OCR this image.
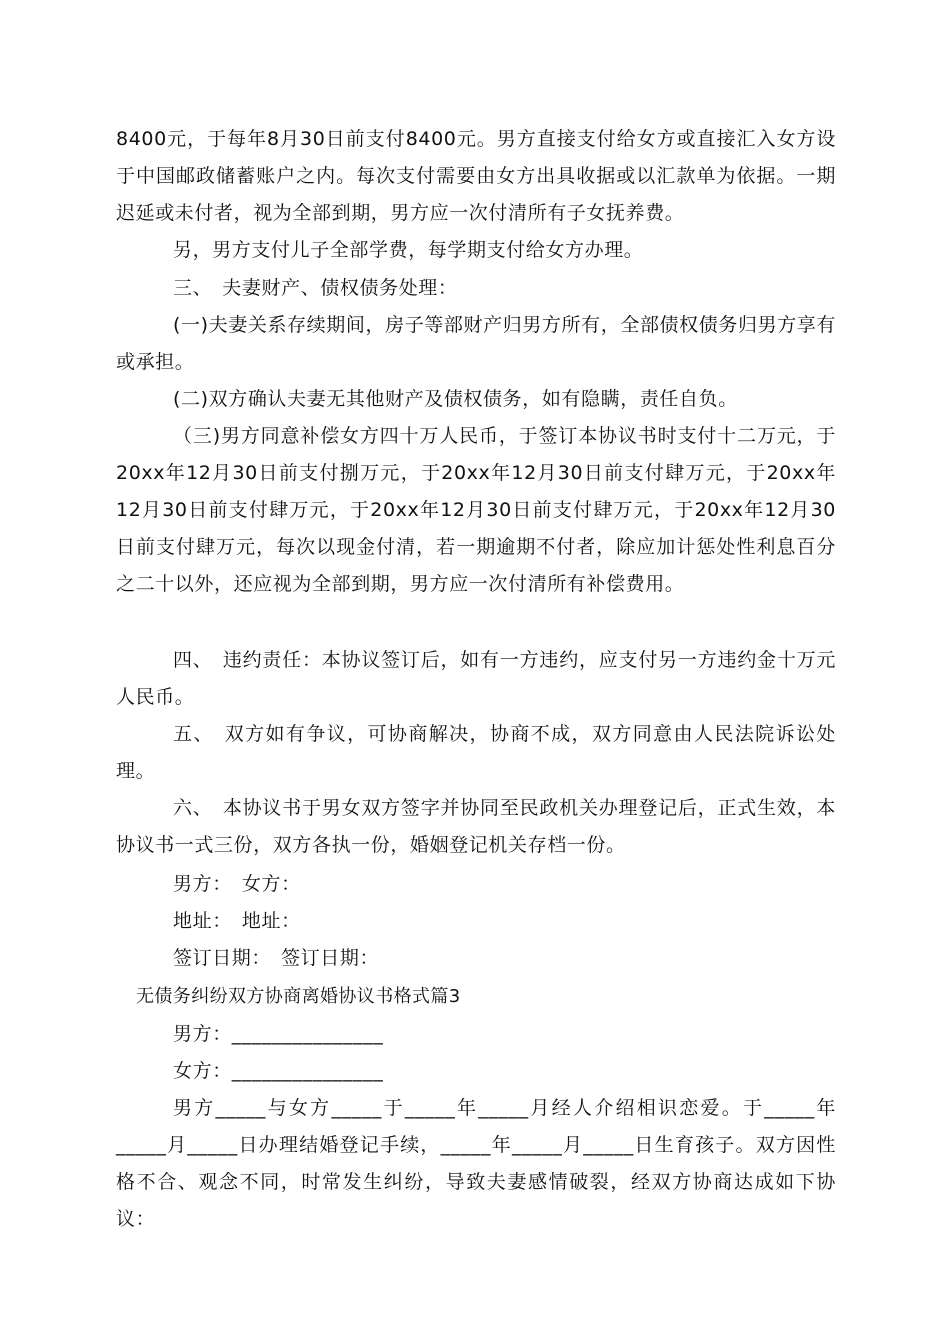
8400元，于每年8月30日前支付8400元。男方直接支付给女方或直接汇入女方设于中国邮政储蓄账户之内。每次支付需要由女方出具收据或以汇款单为依据。一期迟延或未付者，视为全部到期，男方应一次付清所有子女抚养费。

另，男方支付儿子全部学费，每学期支付给女方办理。

三、　夫妻财产、债权债务处理：

(一)夫妻关系存续期间，房子等部财产归男方所有，全部债权债务归男方享有或承担。

(二)双方确认夫妻无其他财产及债权债务，如有隐瞒，责任自负。

（三)男方同意补偿女方四十万人民币，于签订本协议书时支付十二万元，于20xx年12月30日前支付捌万元，于20xx年12月30日前支付肆万元，于20xx年12月30日前支付肆万元，于20xx年12月30日前支付肆万元，于20xx年12月30日前支付肆万元，每次以现金付清，若一期逾期不付者，除应加计惩处性利息百分之二十以外，还应视为全部到期，男方应一次付清所有补偿费用。

四、　违约责任：本协议签订后，如有一方违约，应支付另一方违约金十万元人民币。

五、　双方如有争议，可协商解决，协商不成，双方同意由人民法院诉讼处理。

六、　本协议书于男女双方签字并协同至民政机关办理登记后，正式生效，本协议书一式三份，双方各执一份，婚姻登记机关存档一份。

男方：　女方：

地址：　地址：

签订日期：　签订日期：

无债务纠纷双方协商离婚协议书格式篇3

男方：_______________

女方：_______________

男方_____与女方_____于_____年_____月经人介绍相识恋爱。于_____年_____月_____日办理结婚登记手续，_____年_____月_____日生育孩子。双方因性格不合、观念不同，时常发生纠纷，导致夫妻感情破裂，经双方协商达成如下协议：
